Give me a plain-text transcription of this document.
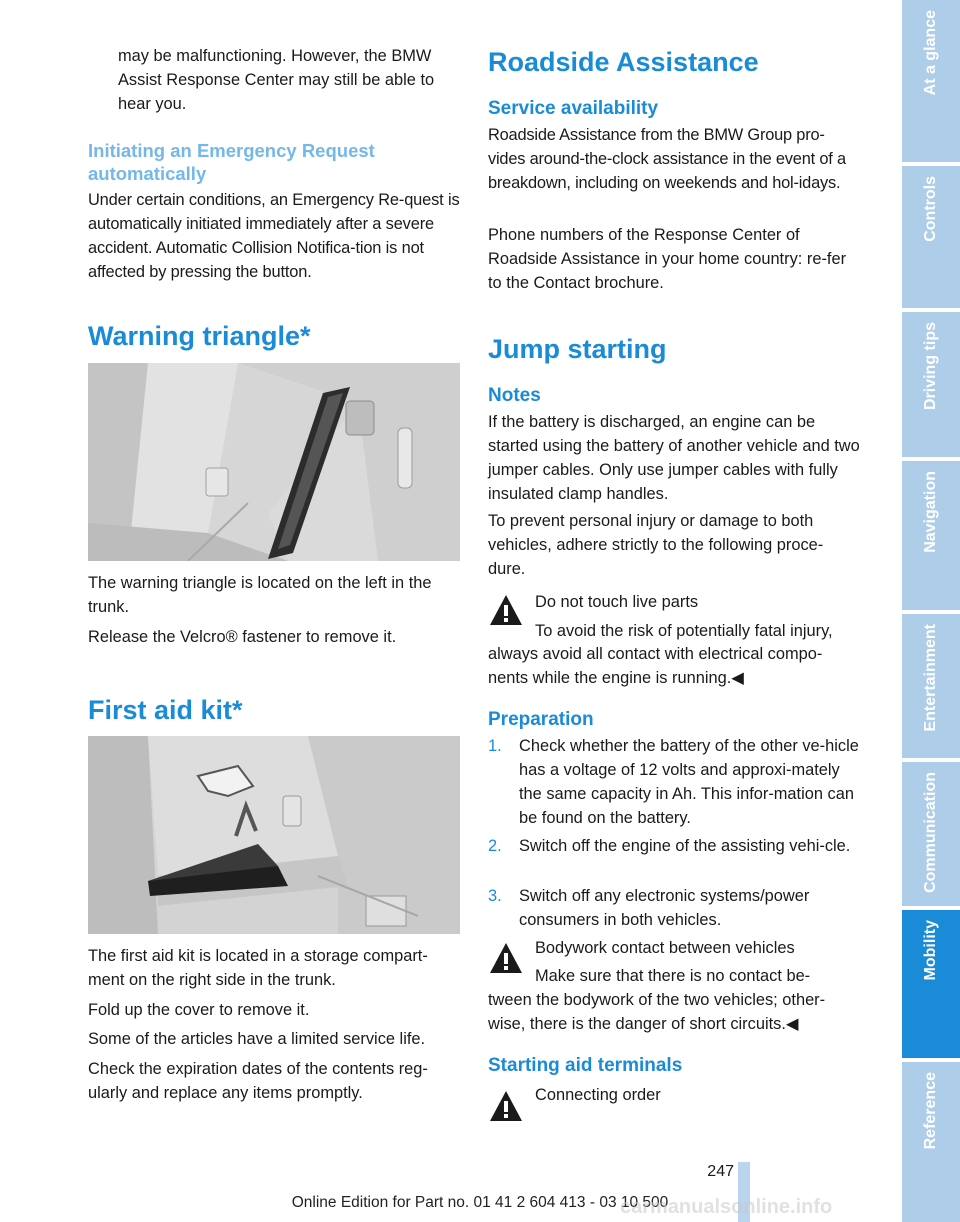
may be malfunctioning. However, the BMW Assist Response Center may still be able to hear you.

Initiating an Emergency Request automatically

Under certain conditions, an Emergency Re-quest is automatically initiated immediately after a severe accident. Automatic Collision Notifica-tion is not affected by pressing the button.

Warning triangle*

The warning triangle is located on the left in the trunk.

Release the Velcro® fastener to remove it.

First aid kit*

The first aid kit is located in a storage compart-ment on the right side in the trunk.

Fold up the cover to remove it.

Some of the articles have a limited service life.

Check the expiration dates of the contents reg-ularly and replace any items promptly.

Roadside Assistance
Service availability

Roadside Assistance from the BMW Group pro-vides around-the-clock assistance in the event of a breakdown, including on weekends and hol-idays.

Phone numbers of the Response Center of Roadside Assistance in your home country: re-fer to the Contact brochure.

Jump starting
Notes

If the battery is discharged, an engine can be started using the battery of another vehicle and two jumper cables. Only use jumper cables with fully insulated clamp handles.

To prevent personal injury or damage to both vehicles, adhere strictly to the following proce-dure.

Do not touch live parts

To avoid the risk of potentially fatal injury,

always avoid all contact with electrical compo-nents while the engine is running.◀

Preparation
1. Check whether the battery of the other ve-hicle has a voltage of 12 volts and approxi-mately the same capacity in Ah. This infor-mation can be found on the battery.
2. Switch off the engine of the assisting vehi-cle.
3. Switch off any electronic systems/power consumers in both vehicles.

Bodywork contact between vehicles

Make sure that there is no contact be-

tween the bodywork of the two vehicles; other-wise, there is the danger of short circuits.◀

Starting aid terminals

Connecting order

At a glance
Controls
Driving tips
Navigation
Entertainment
Communication
Mobility
Reference
247
Online Edition for Part no. 01 41 2 604 413 - 03 10 500
carmanualsonline.info
